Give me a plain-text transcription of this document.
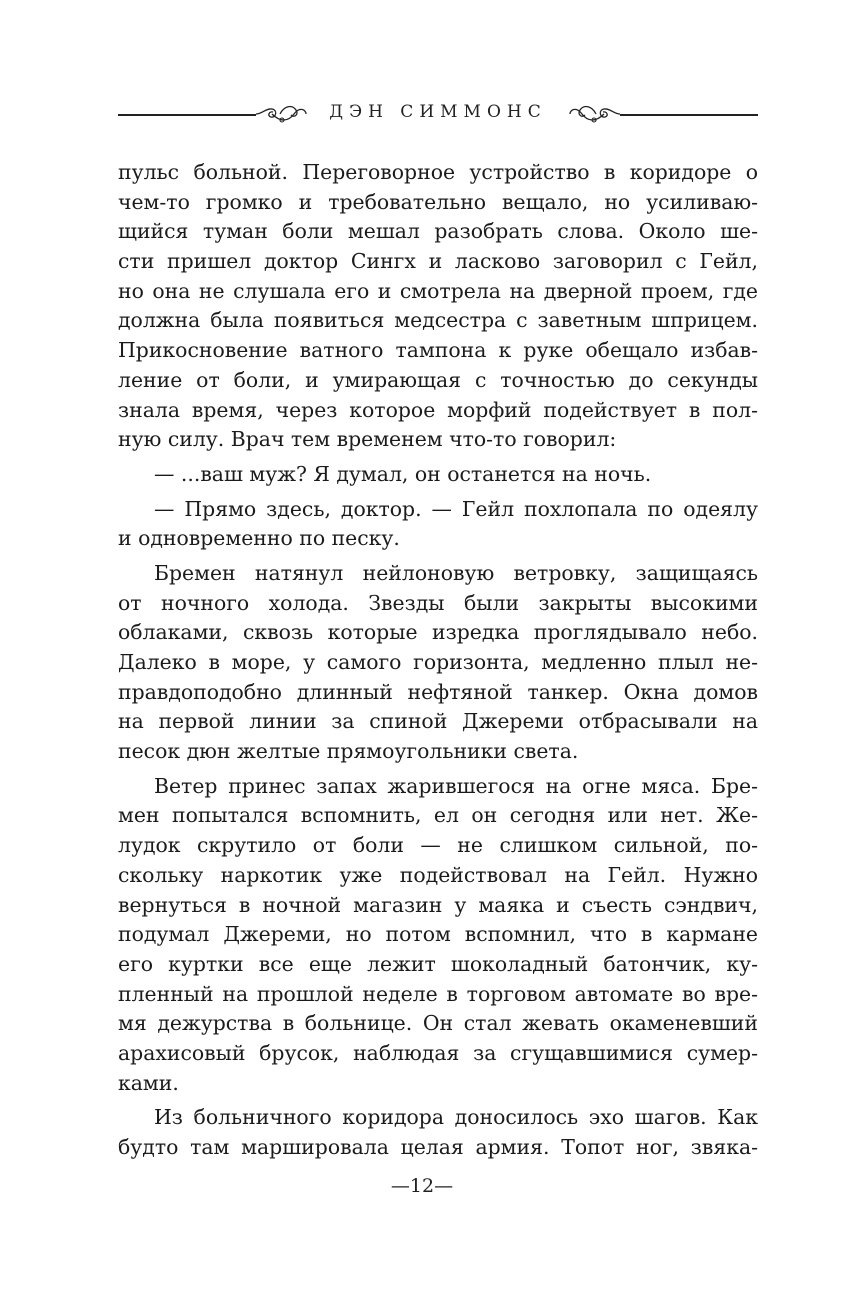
ДЭН СИММОНС
пульс больной. Переговорное устройство в коридоре о
чем-то громко и требовательно вещало, но усиливаю-
щийся туман боли мешал разобрать слова. Около ше-
сти пришел доктор Сингх и ласково заговорил с Гейл,
но она не слушала его и смотрела на дверной проем, где
должна была появиться медсестра с заветным шприцем.
Прикосновение ватного тампона к руке обещало избав-
ление от боли, и умирающая с точностью до секунды
знала время, через которое морфий подействует в пол-
ную силу. Врач тем временем что-то говорил:
— ...ваш муж? Я думал, он останется на ночь.
— Прямо здесь, доктор. — Гейл похлопала по одеялу
и одновременно по песку.
Бремен натянул нейлоновую ветровку, защищаясь
от ночного холода. Звезды были закрыты высокими
облаками, сквозь которые изредка проглядывало небо.
Далеко в море, у самого горизонта, медленно плыл не-
правдоподобно длинный нефтяной танкер. Окна домов
на первой линии за спиной Джереми отбрасывали на
песок дюн желтые прямоугольники света.
Ветер принес запах жарившегося на огне мяса. Бре-
мен попытался вспомнить, ел он сегодня или нет. Же-
лудок скрутило от боли — не слишком сильной, по-
скольку наркотик уже подействовал на Гейл. Нужно
вернуться в ночной магазин у маяка и съесть сэндвич,
подумал Джереми, но потом вспомнил, что в кармане
его куртки все еще лежит шоколадный батончик, ку-
пленный на прошлой неделе в торговом автомате во вре-
мя дежурства в больнице. Он стал жевать окаменевший
арахисовый брусок, наблюдая за сгущавшимися сумер-
ками.
Из больничного коридора доносилось эхо шагов. Как
будто там маршировала целая армия. Топот ног, звяка-
—12—
